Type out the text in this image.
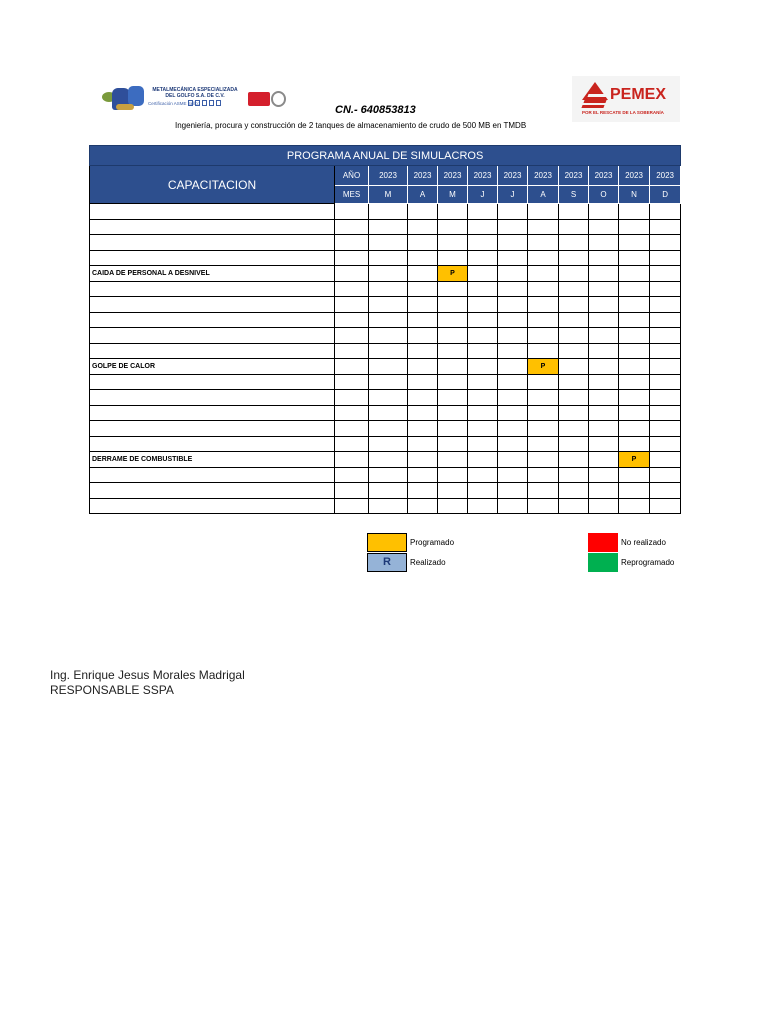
METALMECÁNICA ESPECIALIZADA
DEL GOLFO S.A. DE C.V.
Certificación ASME Sello:
PEMEX
POR EL RESCATE DE LA SOBERANÍA
CN.- 640853813
Ingeniería, procura y construcción de 2 tanques de almacenamiento de crudo de 500 MB en TMDB
PROGRAMA ANUAL DE SIMULACROS											
CAPACITACION	AÑO	2023	2023	2023	2023	2023	2023	2023	2023	2023	2023
	MES	M	A	M	J	J	A	S	O	N	D

CAIDA DE PERSONAL A DESNIVEL				P							

GOLPE DE CALOR							P				

DERRAME DE COMBUSTIBLE										P	

Programado
R	Realizado
No realizado
Reprogramado
Ing. Enrique Jesus Morales Madrigal
RESPONSABLE SSPA
